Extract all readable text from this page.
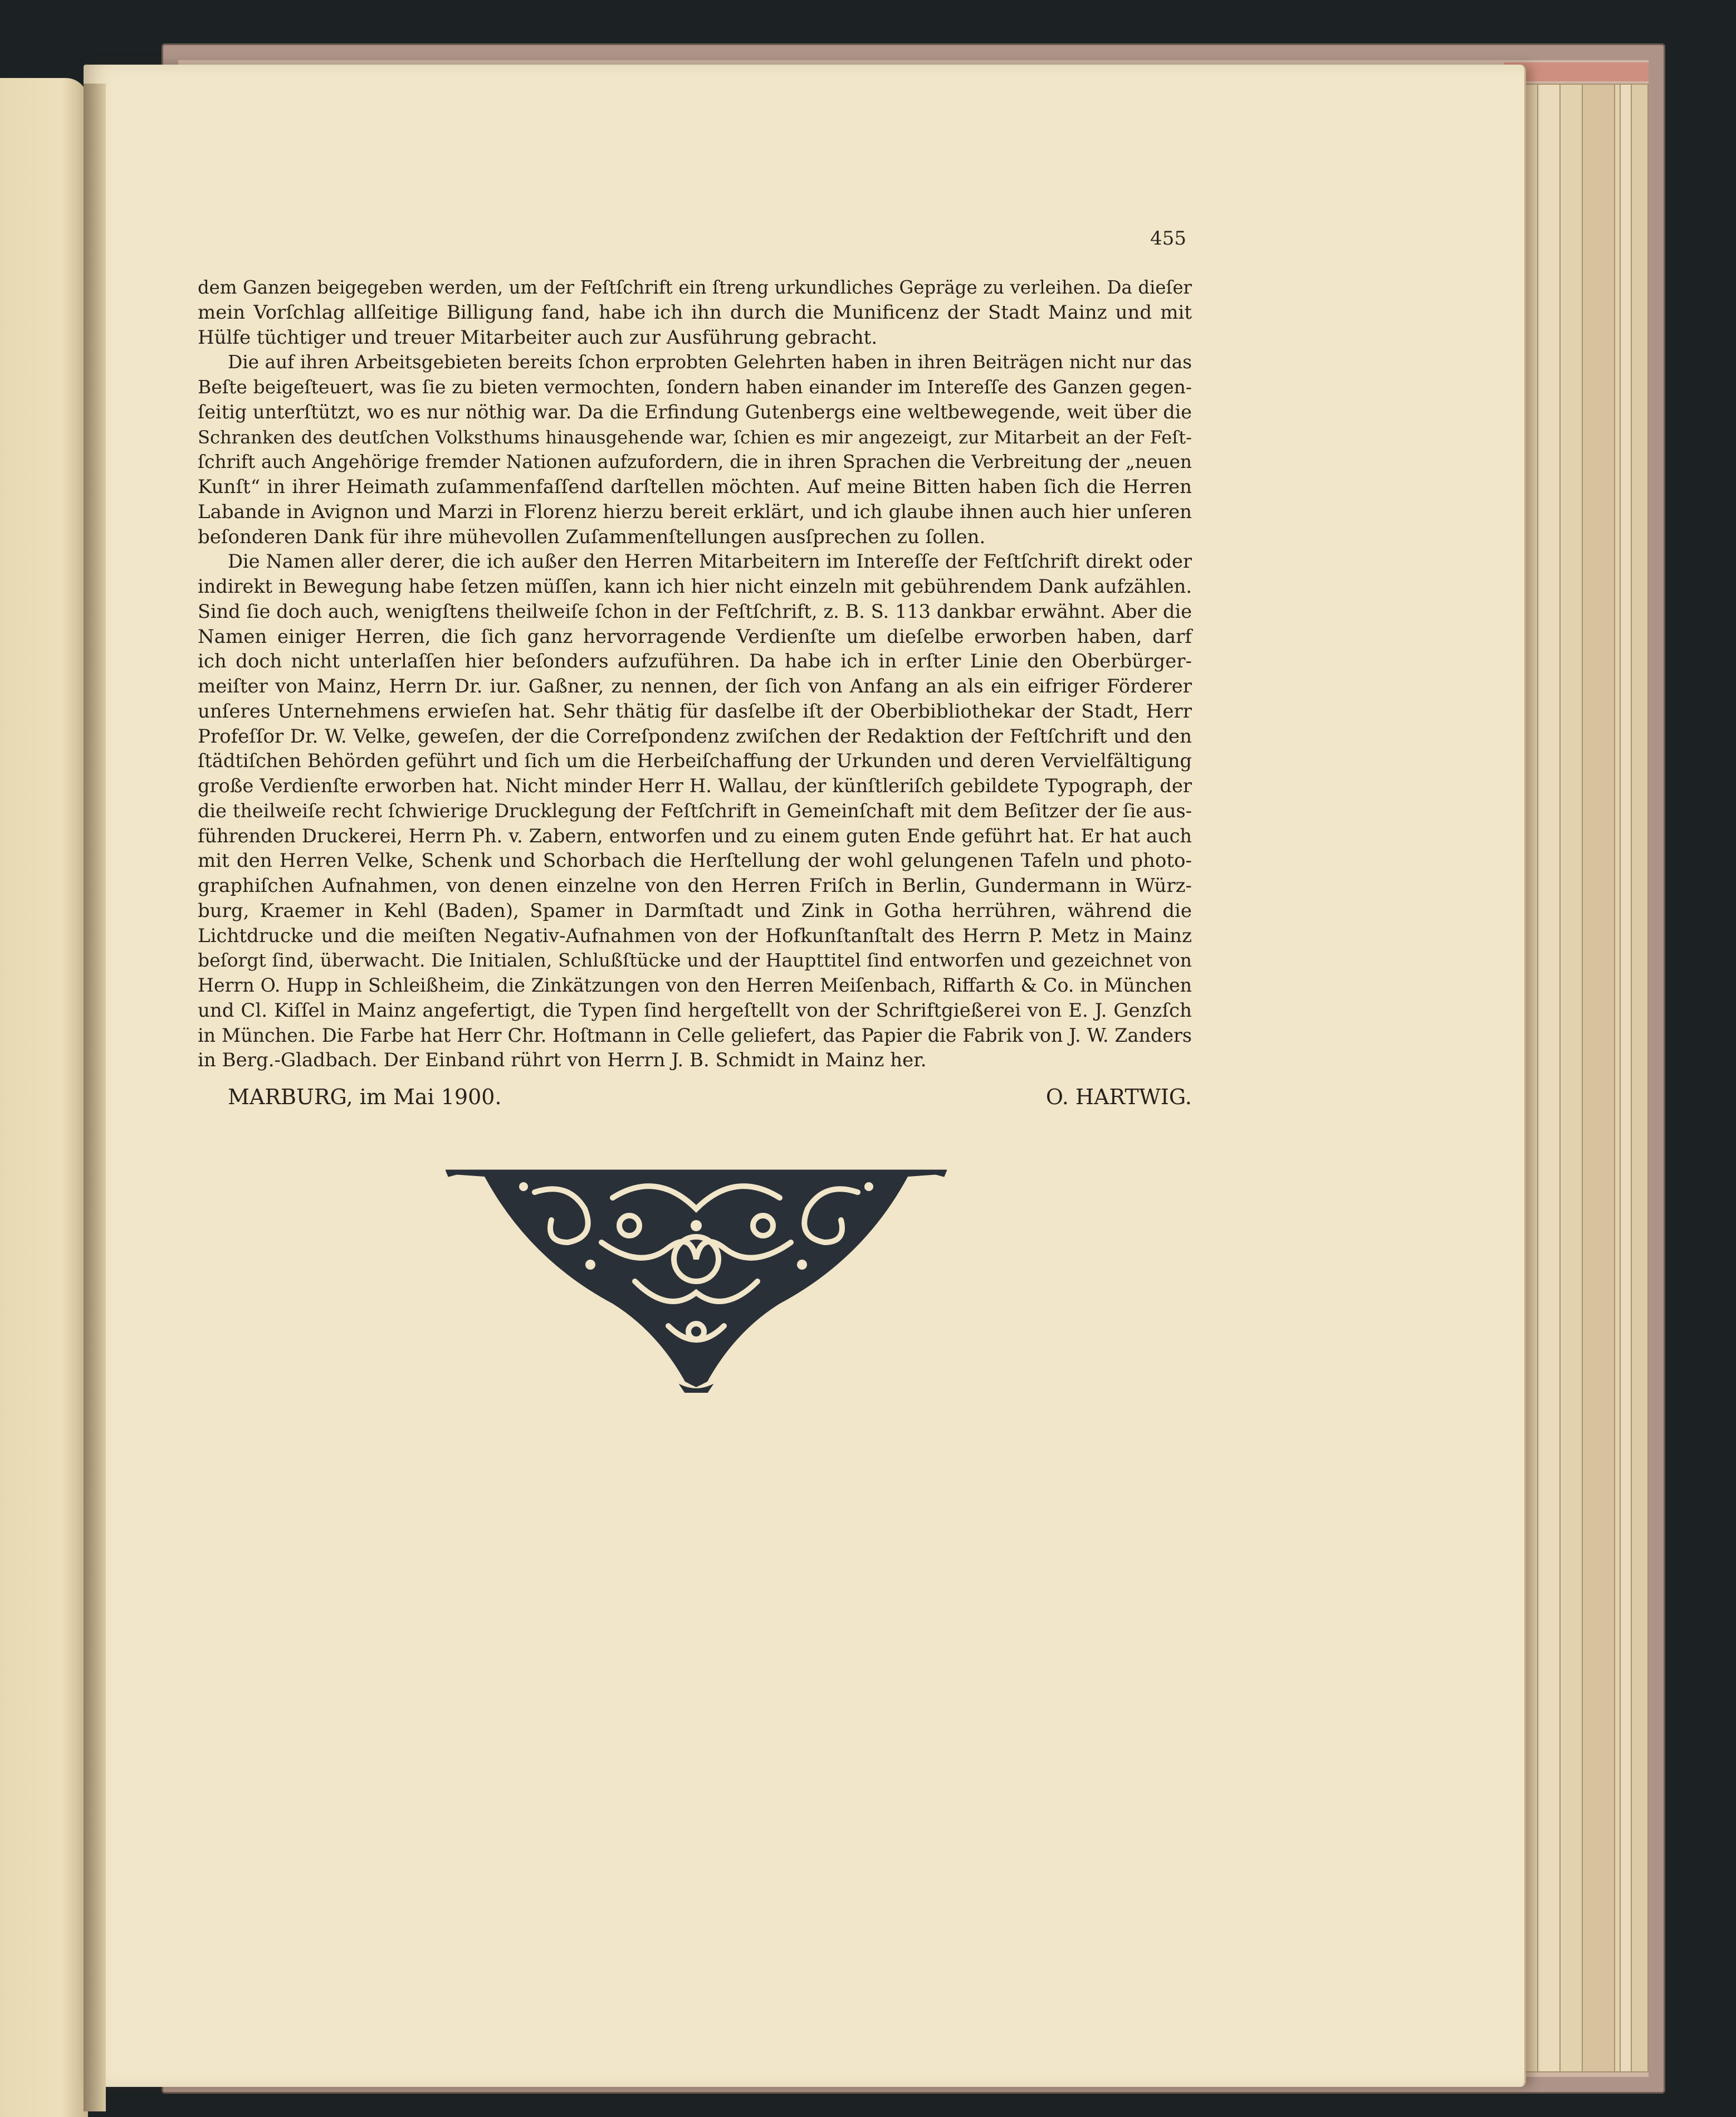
455
dem Ganzen beigegeben werden, um der Feſtſchrift ein ſtreng urkundliches Gepräge zu verleihen. Da dieſer
mein Vorſchlag allſeitige Billigung fand, habe ich ihn durch die Munificenz der Stadt Mainz und mit
Hülfe tüchtiger und treuer Mitarbeiter auch zur Ausführung gebracht.
Die auf ihren Arbeitsgebieten bereits ſchon erprobten Gelehrten haben in ihren Beiträgen nicht nur das
Beſte beigeſteuert, was ſie zu bieten vermochten, ſondern haben einander im Intereſſe des Ganzen gegen-
ſeitig unterſtützt, wo es nur nöthig war. Da die Erfindung Gutenbergs eine weltbewegende, weit über die
Schranken des deutſchen Volksthums hinausgehende war, ſchien es mir angezeigt, zur Mitarbeit an der Feſt-
ſchrift auch Angehörige fremder Nationen aufzufordern, die in ihren Sprachen die Verbreitung der „neuen
Kunſt“ in ihrer Heimath zuſammenfaſſend darſtellen möchten. Auf meine Bitten haben ſich die Herren
Labande in Avignon und Marzi in Florenz hierzu bereit erklärt, und ich glaube ihnen auch hier unſeren
beſonderen Dank für ihre mühevollen Zuſammenſtellungen ausſprechen zu ſollen.
Die Namen aller derer, die ich außer den Herren Mitarbeitern im Intereſſe der Feſtſchrift direkt oder
indirekt in Bewegung habe ſetzen müſſen, kann ich hier nicht einzeln mit gebührendem Dank aufzählen.
Sind ſie doch auch, wenigſtens theilweiſe ſchon in der Feſtſchrift, z. B. S. 113 dankbar erwähnt. Aber die
Namen einiger Herren, die ſich ganz hervorragende Verdienſte um dieſelbe erworben haben, darf
ich doch nicht unterlaſſen hier beſonders aufzuführen. Da habe ich in erſter Linie den Oberbürger-
meiſter von Mainz, Herrn Dr. iur. Gaßner, zu nennen, der ſich von Anfang an als ein eifriger Förderer
unſeres Unternehmens erwieſen hat. Sehr thätig für dasſelbe iſt der Oberbibliothekar der Stadt, Herr
Profeſſor Dr. W. Velke, geweſen, der die Correſpondenz zwiſchen der Redaktion der Feſtſchrift und den
ſtädtiſchen Behörden geführt und ſich um die Herbeiſchaffung der Urkunden und deren Vervielfältigung
große Verdienſte erworben hat. Nicht minder Herr H. Wallau, der künſtleriſch gebildete Typograph, der
die theilweiſe recht ſchwierige Drucklegung der Feſtſchrift in Gemeinſchaft mit dem Beſitzer der ſie aus-
führenden Druckerei, Herrn Ph. v. Zabern, entworfen und zu einem guten Ende geführt hat. Er hat auch
mit den Herren Velke, Schenk und Schorbach die Herſtellung der wohl gelungenen Tafeln und photo-
graphiſchen Aufnahmen, von denen einzelne von den Herren Friſch in Berlin, Gundermann in Würz-
burg, Kraemer in Kehl (Baden), Spamer in Darmſtadt und Zink in Gotha herrühren, während die
Lichtdrucke und die meiſten Negativ-Aufnahmen von der Hofkunſtanſtalt des Herrn P. Metz in Mainz
beſorgt ſind, überwacht. Die Initialen, Schlußſtücke und der Haupttitel ſind entworfen und gezeichnet von
Herrn O. Hupp in Schleißheim, die Zinkätzungen von den Herren Meiſenbach, Riffarth & Co. in München
und Cl. Kiſſel in Mainz angefertigt, die Typen ſind hergeſtellt von der Schriftgießerei von E. J. Genzſch
in München. Die Farbe hat Herr Chr. Hoſtmann in Celle geliefert, das Papier die Fabrik von J. W. Zanders
in Berg.-Gladbach. Der Einband rührt von Herrn J. B. Schmidt in Mainz her.
MARBURG, im Mai 1900.	O. HARTWIG.
